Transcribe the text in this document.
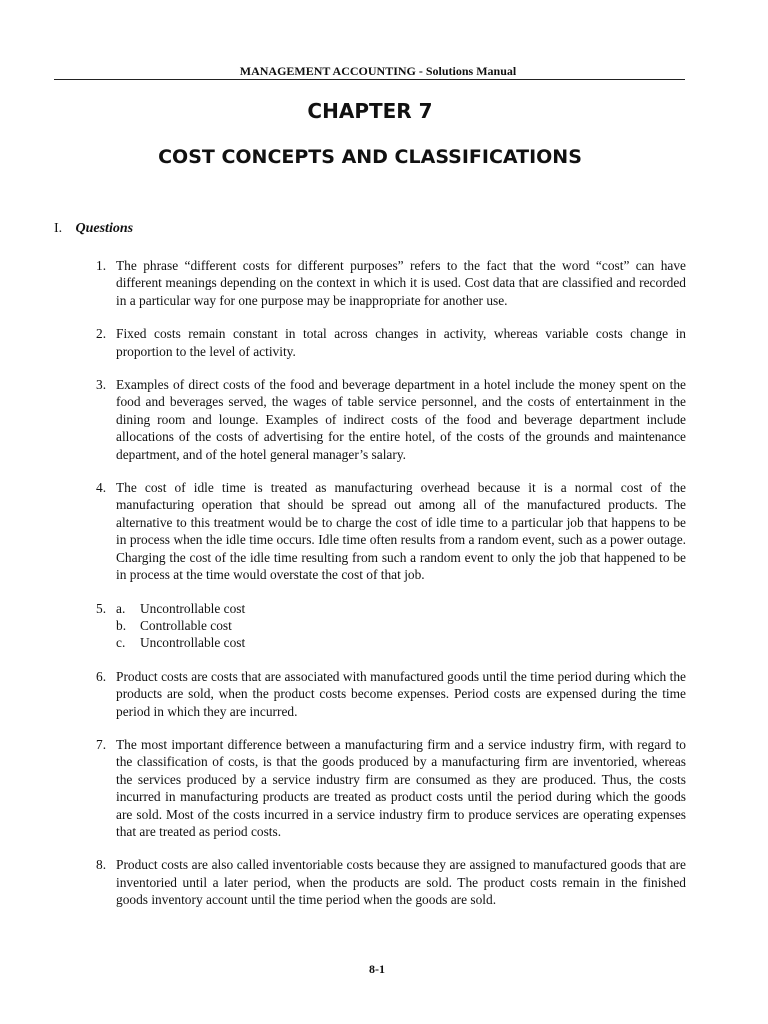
MANAGEMENT ACCOUNTING - Solutions Manual
CHAPTER 7
COST CONCEPTS AND CLASSIFICATIONS
I. Questions
1. The phrase “different costs for different purposes” refers to the fact that the word “cost” can have different meanings depending on the context in which it is used. Cost data that are classified and recorded in a particular way for one purpose may be inappropriate for another use.
2. Fixed costs remain constant in total across changes in activity, whereas variable costs change in proportion to the level of activity.
3. Examples of direct costs of the food and beverage department in a hotel include the money spent on the food and beverages served, the wages of table service personnel, and the costs of entertainment in the dining room and lounge. Examples of indirect costs of the food and beverage department include allocations of the costs of advertising for the entire hotel, of the costs of the grounds and maintenance department, and of the hotel general manager’s salary.
4. The cost of idle time is treated as manufacturing overhead because it is a normal cost of the manufacturing operation that should be spread out among all of the manufactured products. The alternative to this treatment would be to charge the cost of idle time to a particular job that happens to be in process when the idle time occurs. Idle time often results from a random event, such as a power outage. Charging the cost of the idle time resulting from such a random event to only the job that happened to be in process at the time would overstate the cost of that job.
5. a. Uncontrollable cost
b. Controllable cost
c. Uncontrollable cost
6. Product costs are costs that are associated with manufactured goods until the time period during which the products are sold, when the product costs become expenses. Period costs are expensed during the time period in which they are incurred.
7. The most important difference between a manufacturing firm and a service industry firm, with regard to the classification of costs, is that the goods produced by a manufacturing firm are inventoried, whereas the services produced by a service industry firm are consumed as they are produced. Thus, the costs incurred in manufacturing products are treated as product costs until the period during which the goods are sold. Most of the costs incurred in a service industry firm to produce services are operating expenses that are treated as period costs.
8. Product costs are also called inventoriable costs because they are assigned to manufactured goods that are inventoried until a later period, when the products are sold. The product costs remain in the finished goods inventory account until the time period when the goods are sold.
8-1
